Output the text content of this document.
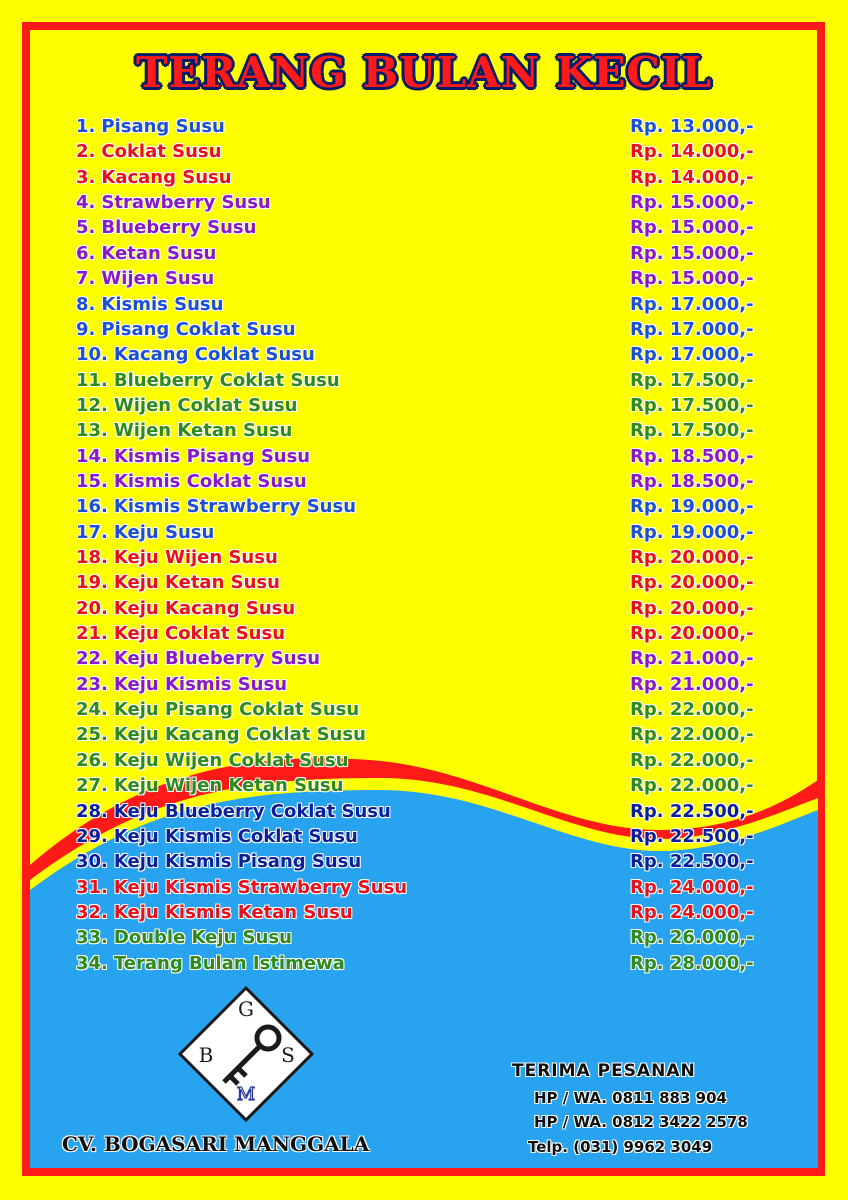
TERANG BULAN KECIL
1. Pisang Susu	Rp. 13.000,-
2. Coklat Susu	Rp. 14.000,-
3. Kacang Susu	Rp. 14.000,-
4. Strawberry Susu	Rp. 15.000,-
5. Blueberry Susu	Rp. 15.000,-
6. Ketan Susu	Rp. 15.000,-
7. Wijen Susu	Rp. 15.000,-
8. Kismis Susu	Rp. 17.000,-
9. Pisang Coklat Susu	Rp. 17.000,-
10. Kacang Coklat Susu	Rp. 17.000,-
11. Blueberry Coklat Susu	Rp. 17.500,-
12. Wijen Coklat Susu	Rp. 17.500,-
13. Wijen Ketan Susu	Rp. 17.500,-
14. Kismis Pisang Susu	Rp. 18.500,-
15. Kismis Coklat Susu	Rp. 18.500,-
16. Kismis Strawberry Susu	Rp. 19.000,-
17. Keju Susu	Rp. 19.000,-
18. Keju Wijen Susu	Rp. 20.000,-
19. Keju Ketan Susu	Rp. 20.000,-
20. Keju Kacang Susu	Rp. 20.000,-
21. Keju Coklat Susu	Rp. 20.000,-
22. Keju Blueberry Susu	Rp. 21.000,-
23. Keju Kismis Susu	Rp. 21.000,-
24. Keju Pisang Coklat Susu	Rp. 22.000,-
25. Keju Kacang Coklat Susu	Rp. 22.000,-
26. Keju Wijen Coklat Susu	Rp. 22.000,-
27. Keju Wijen Ketan Susu	Rp. 22.000,-
28. Keju Blueberry Coklat Susu	Rp. 22.500,-
29. Keju Kismis Coklat Susu	Rp. 22.500,-
30. Keju Kismis Pisang Susu	Rp. 22.500,-
31. Keju Kismis Strawberry Susu	Rp. 24.000,-
32. Keju Kismis Ketan Susu	Rp. 24.000,-
33. Double Keju Susu	Rp. 26.000,-
34. Terang Bulan Istimewa	Rp. 28.000,-
G
B	S
M
CV. BOGASARI MANGGALA
TERIMA PESANAN
HP / WA. 0811 883 904
HP / WA. 0812 3422 2578
Telp. (031) 9962 3049
